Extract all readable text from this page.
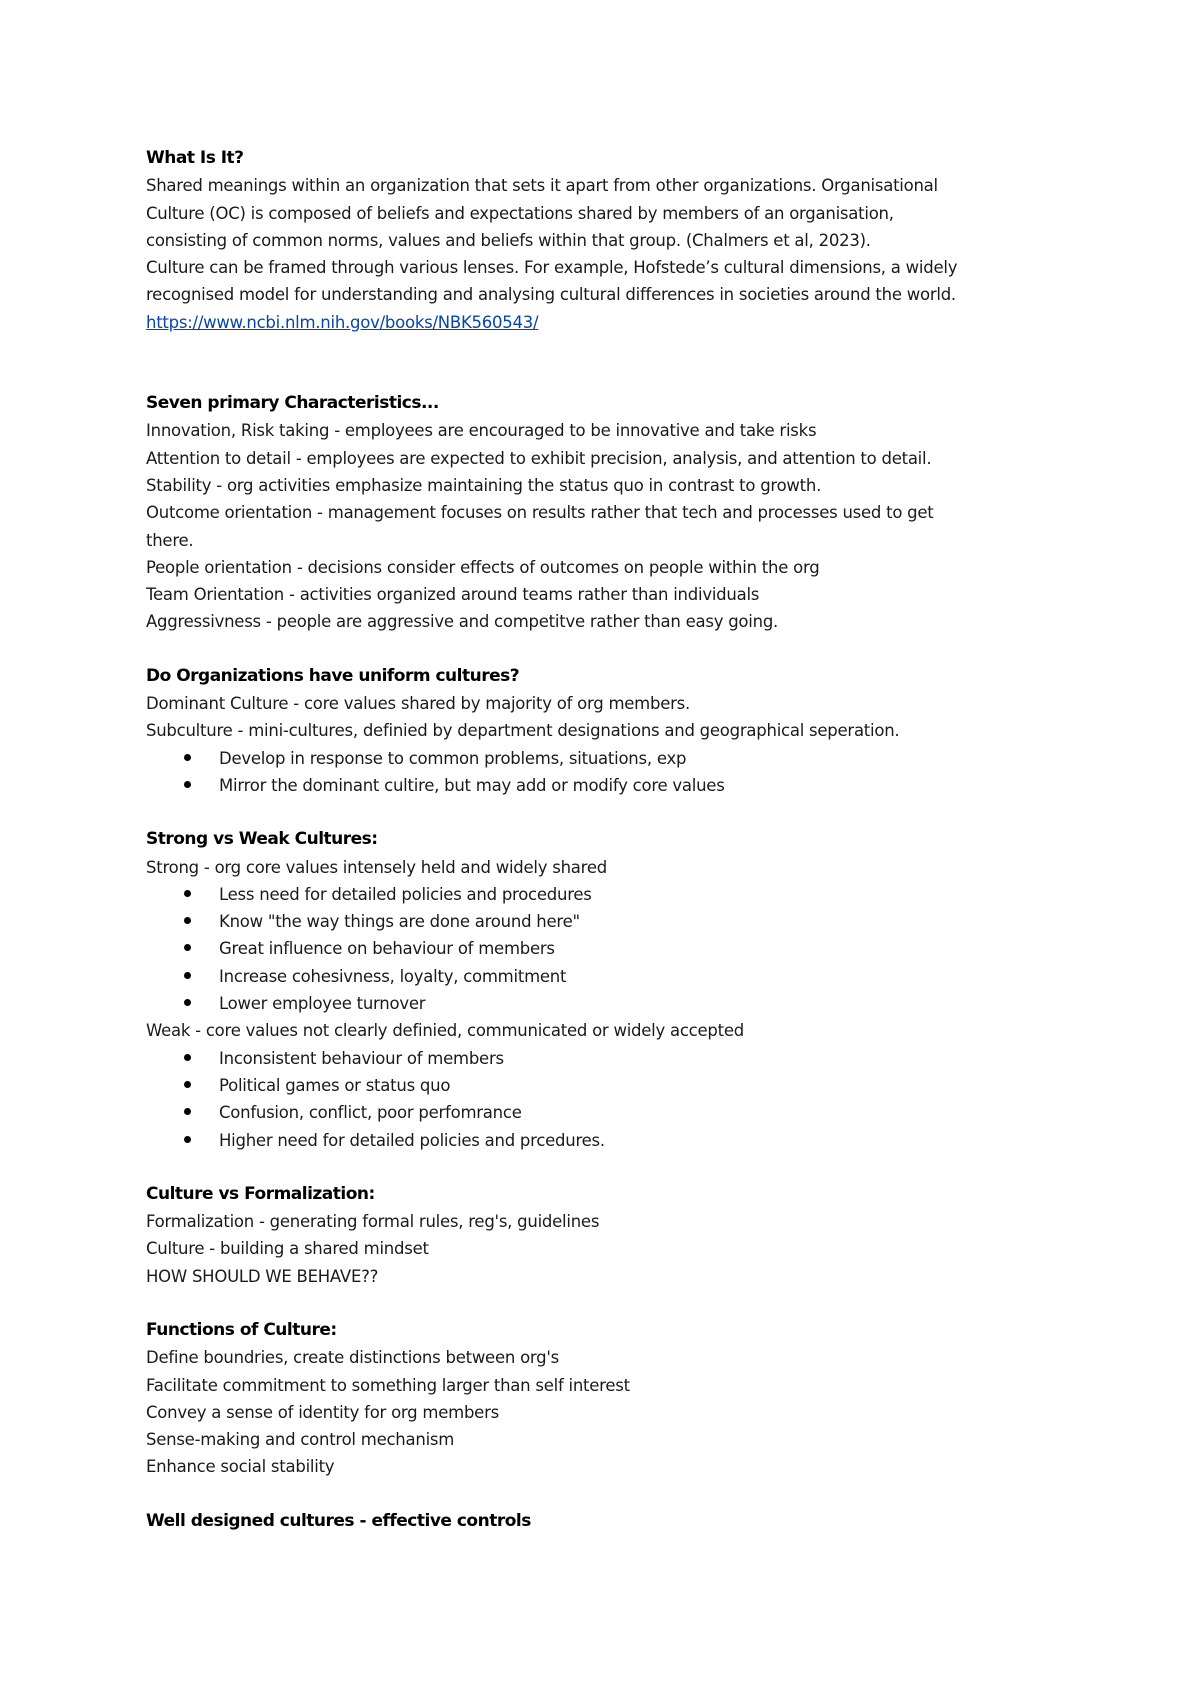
What Is It?

Shared meanings within an organization that sets it apart from other organizations. Organisational

Culture (OC) is composed of beliefs and expectations shared by members of an organisation,

consisting of common norms, values and beliefs within that group. (Chalmers et al, 2023).

Culture can be framed through various lenses. For example, Hofstede’s cultural dimensions, a widely

recognised model for understanding and analysing cultural differences in societies around the world.

https://www.ncbi.nlm.nih.gov/books/NBK560543/

Seven primary Characteristics...

Innovation, Risk taking - employees are encouraged to be innovative and take risks

Attention to detail - employees are expected to exhibit precision, analysis, and attention to detail.

Stability - org activities emphasize maintaining the status quo in contrast to growth.

Outcome orientation - management focuses on results rather that tech and processes used to get

there.

People orientation - decisions consider effects of outcomes on people within the org

Team Orientation - activities organized around teams rather than individuals

Aggressivness - people are aggressive and competitve rather than easy going.

Do Organizations have uniform cultures?

Dominant Culture - core values shared by majority of org members.

Subculture - mini-cultures, definied by department designations and geographical seperation.

Develop in response to common problems, situations, exp
Mirror the dominant cultire, but may add or modify core values

Strong vs Weak Cultures:

Strong - org core values intensely held and widely shared

Less need for detailed policies and procedures
Know "the way things are done around here"
Great influence on behaviour of members
Increase cohesivness, loyalty, commitment
Lower employee turnover

Weak - core values not clearly definied, communicated or widely accepted

Inconsistent behaviour of members
Political games or status quo
Confusion, conflict, poor perfomrance
Higher need for detailed policies and prcedures.

Culture vs Formalization:

Formalization - generating formal rules, reg's, guidelines

Culture - building a shared mindset

HOW SHOULD WE BEHAVE??

Functions of Culture:

Define boundries, create distinctions between org's

Facilitate commitment to something larger than self interest

Convey a sense of identity for org members

Sense-making and control mechanism

Enhance social stability

Well designed cultures - effective controls
